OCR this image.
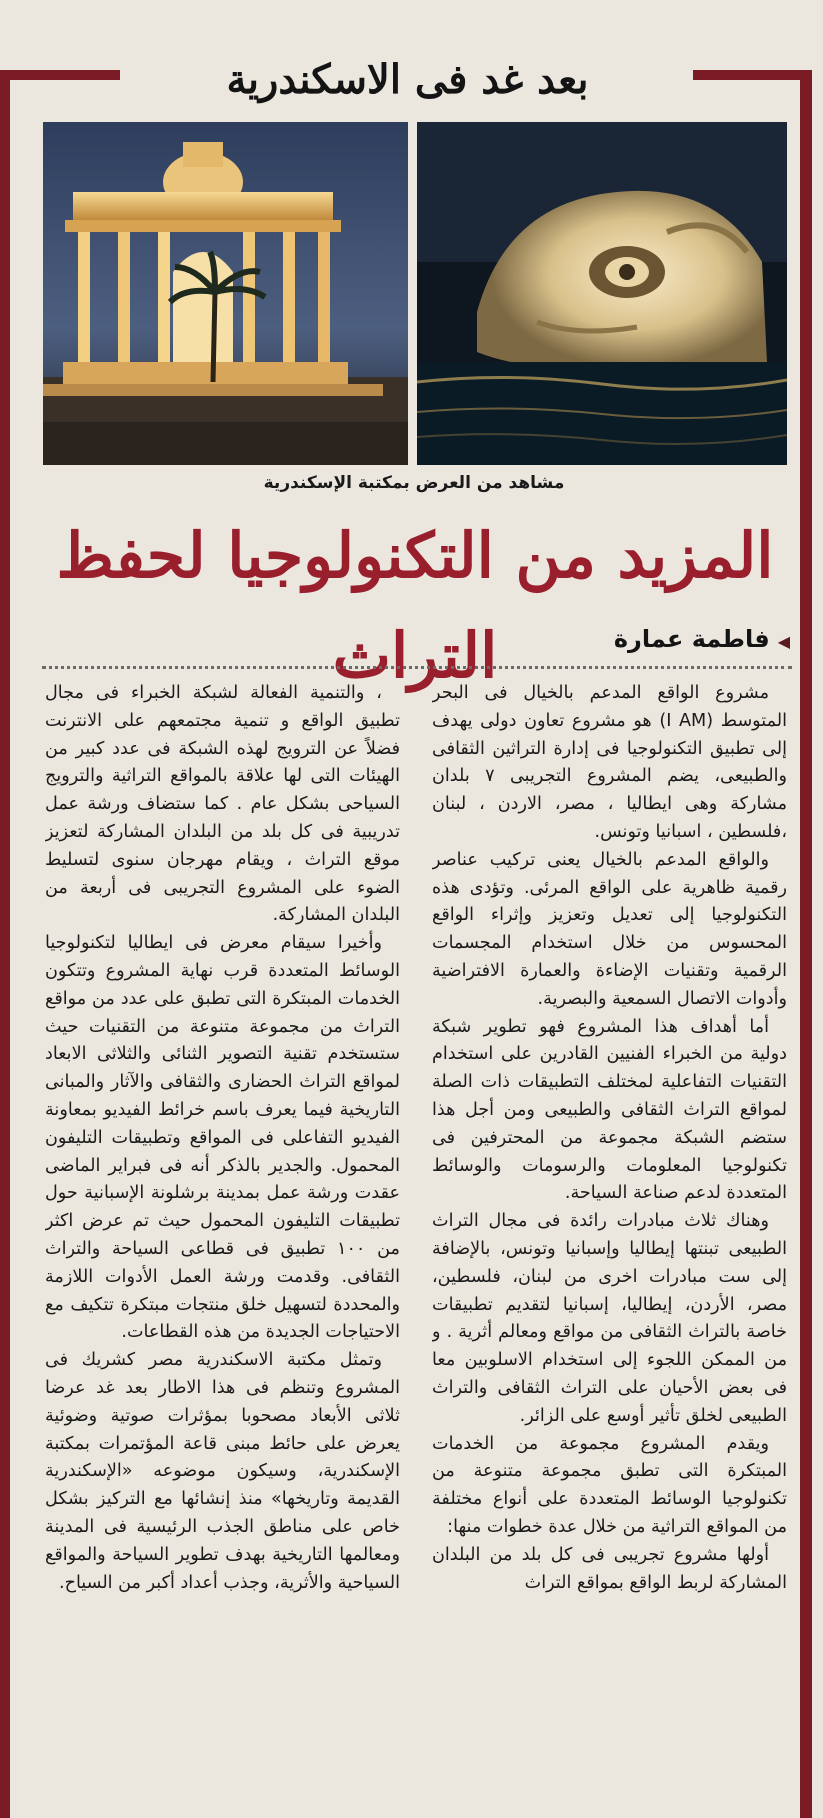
بعد غد فى الاسكندرية
مشاهد من العرض بمكتبة الإسكندرية
المزيد من التكنولوجيا لحفظ التراث	◀فاطمة عمارة

مشروع الواقع المدعم بالخيال فى البحر المتوسط (I AM) هو مشروع تعاون دولى يهدف إلى تطبيق التكنولوجيا فى إدارة التراثين الثقافى والطبيعى، يضم المشروع التجريبى ٧ بلدان مشاركة وهى ايطاليا ، مصر، الاردن ، لبنان ،فلسطين ، اسبانيا وتونس.

والواقع المدعم بالخيال يعنى تركيب عناصر رقمية ظاهرية على الواقع المرئى. وتؤدى هذه التكنولوجيا إلى تعديل وتعزيز وإثراء الواقع المحسوس من خلال استخدام المجسمات الرقمية وتقنيات الإضاءة والعمارة الافتراضية وأدوات الاتصال السمعية والبصرية.

أما أهداف هذا المشروع فهو تطوير شبكة دولية من الخبراء الفنيين القادرين على استخدام التقنيات التفاعلية لمختلف التطبيقات ذات الصلة لمواقع التراث الثقافى والطبيعى ومن أجل هذا ستضم الشبكة مجموعة من المحترفين فى تكنولوجيا المعلومات والرسومات والوسائط المتعددة لدعم صناعة السياحة.

وهناك ثلاث مبادرات رائدة فى مجال التراث الطبيعى تبنتها إيطاليا وإسبانيا وتونس، بالإضافة إلى ست مبادرات اخرى من لبنان، فلسطين، مصر، الأردن، إيطاليا، إسبانيا لتقديم تطبيقات خاصة بالتراث الثقافى من مواقع ومعالم أثرية . و من الممكن اللجوء إلى استخدام الاسلوبين معا فى بعض الأحيان على التراث الثقافى والتراث الطبيعى لخلق تأثير أوسع على الزائر.

ويقدم المشروع مجموعة من الخدمات المبتكرة التى تطبق مجموعة متنوعة من تكنولوجيا الوسائط المتعددة على أنواع مختلفة من المواقع التراثية من خلال عدة خطوات منها:

أولها مشروع تجريبى فى كل بلد من البلدان المشاركة لربط الواقع بمواقع التراث

، والتنمية الفعالة لشبكة الخبراء فى مجال تطبيق الواقع و تنمية مجتمعهم على الانترنت فضلاً عن الترويج لهذه الشبكة فى عدد كبير من الهيئات التى لها علاقة بالمواقع التراثية والترويج السياحى بشكل عام . كما ستضاف ورشة عمل تدريبية فى كل بلد من البلدان المشاركة لتعزيز موقع التراث ، ويقام مهرجان سنوى لتسليط الضوء على المشروع التجريبى فى أربعة من البلدان المشاركة.

وأخيرا سيقام معرض فى ايطاليا لتكنولوجيا الوسائط المتعددة قرب نهاية المشروع وتتكون الخدمات المبتكرة التى تطبق على عدد من مواقع التراث من مجموعة متنوعة من التقنيات حيث ستستخدم تقنية التصوير الثنائى والثلاثى الابعاد لمواقع التراث الحضارى والثقافى والآثار والمبانى التاريخية فيما يعرف باسم خرائط الفيديو بمعاونة الفيديو التفاعلى فى المواقع وتطبيقات التليفون المحمول. والجدير بالذكر أنه فى فبراير الماضى عقدت ورشة عمل بمدينة برشلونة الإسبانية حول تطبيقات التليفون المحمول حيث تم عرض اكثر من ١٠٠ تطبيق فى قطاعى السياحة والتراث الثقافى. وقدمت ورشة العمل الأدوات اللازمة والمحددة لتسهيل خلق منتجات مبتكرة تتكيف مع الاحتياجات الجديدة من هذه القطاعات.

وتمثل مكتبة الاسكندرية مصر كشريك فى المشروع وتنظم فى هذا الاطار بعد غد عرضا ثلاثى الأبعاد مصحوبا بمؤثرات صوتية وضوئية يعرض على حائط مبنى قاعة المؤتمرات بمكتبة الإسكندرية، وسيكون موضوعه «الإسكندرية القديمة وتاريخها» منذ إنشائها مع التركيز بشكل خاص على مناطق الجذب الرئيسية فى المدينة ومعالمها التاريخية بهدف تطوير السياحة والمواقع السياحية والأثرية، وجذب أعداد أكبر من السياح.
